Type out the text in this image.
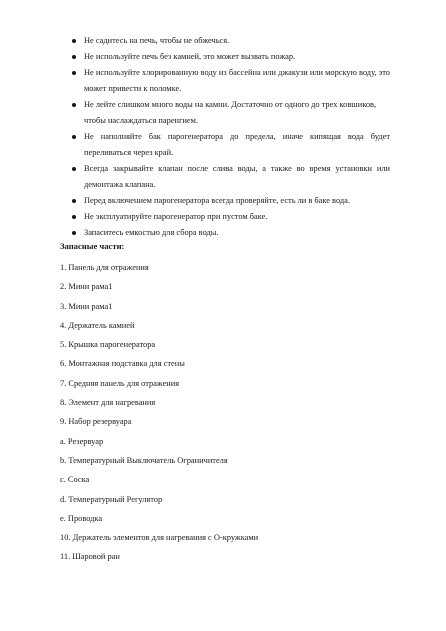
Не садитесь на печь, чтобы не обжечься.
Не используйте печь без камней, это может вызвать пожар.
Не используйте хлорированную воду из бассейна или джакузи или морскую воду, это может привести к поломке.
Не лейте слишком много воды на камни. Достаточно от одного до трех ковшиков, чтобы наслаждаться паренгием.
Не наполняйте бак парогенератора до предела, иначе кипящая вода будет переливаться через край.
Всегда закрывайте клапан после слива воды, а также во время установки или демонтажа клапана.
Перед включением парогенератора всегда проверяйте, есть ли в баке вода.
Не эксплуатируйте парогенератор при пустом баке.
Запаситесь емкостью для сбора воды.

Запасные части:

1. Панель для отражения
2. Мини рама1
3. Мини рама1
4. Держатель камней
5. Крышка парогенератора
6. Монтажная подставка для стены
7. Средняя панель для отражения
8. Элемент для нагревания
9. Набор резервуара
a. Резервуар
b. Температурный Выключатель Ограничителя
c. Соска
d. Температурный Регулятор
e. Проводка
10. Держатель элементов для нагревания с О-кружками
11. Шаровой ран
